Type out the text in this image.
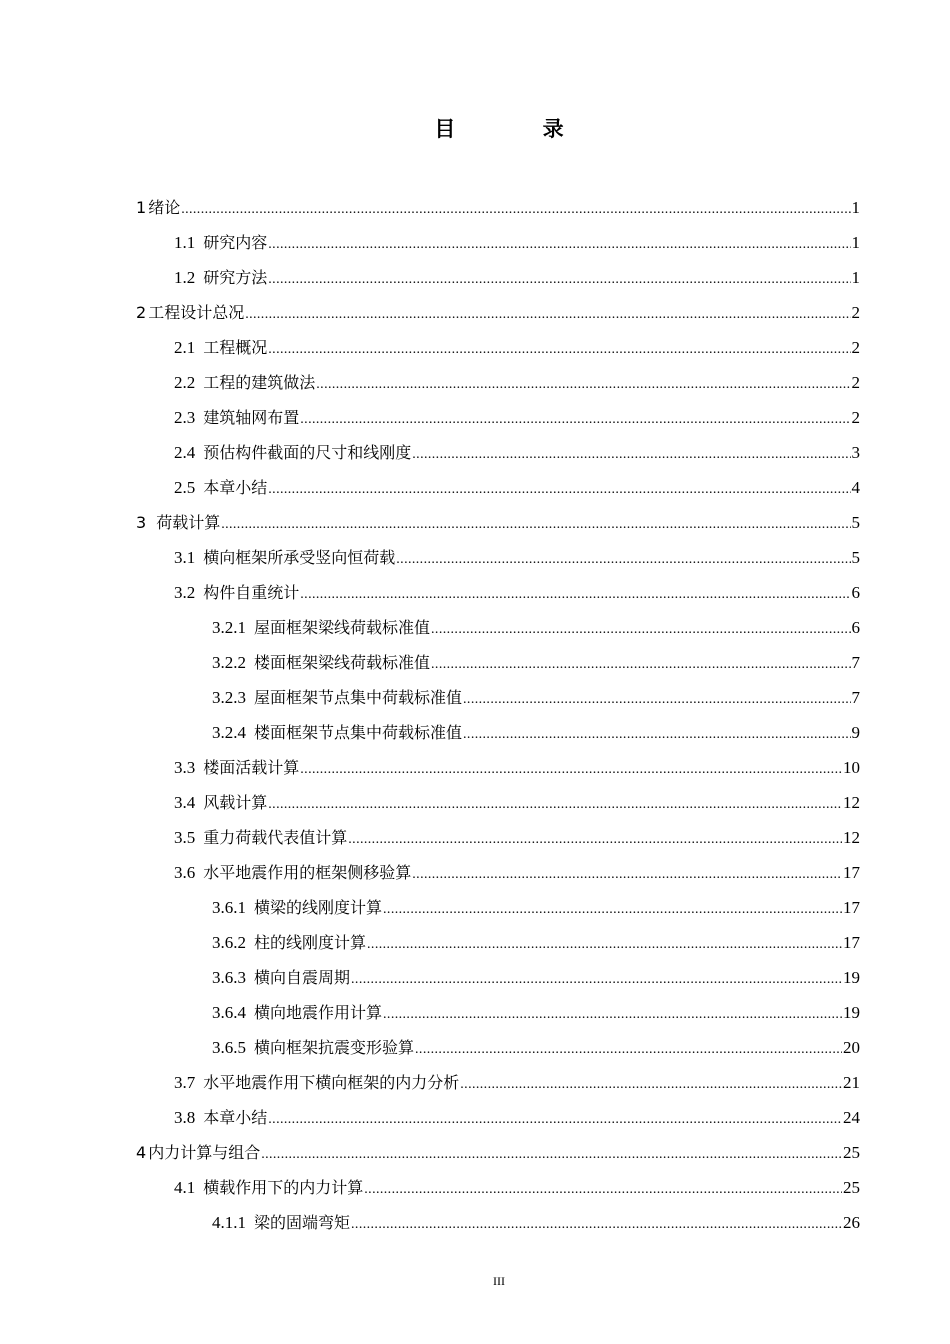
目 录
1 绪论 .....	1
1.1 研究内容 .....	1
1.2 研究方法 .....	1
2 工程设计总况 .....	2
2.1 工程概况 .....	2
2.2 工程的建筑做法 .....	2
2.3 建筑轴网布置 .....	2
2.4 预估构件截面的尺寸和线刚度 .....	3
2.5 本章小结 .....	4
3 荷载计算 .....	5
3.1 横向框架所承受竖向恒荷载 .....	5
3.2 构件自重统计 .....	6
3.2.1 屋面框架梁线荷载标准值 .....	6
3.2.2 楼面框架梁线荷载标准值 .....	7
3.2.3 屋面框架节点集中荷载标准值 .....	7
3.2.4 楼面框架节点集中荷载标准值 .....	9
3.3 楼面活载计算 .....	10
3.4 风载计算 .....	12
3.5 重力荷载代表值计算 .....	12
3.6 水平地震作用的框架侧移验算 .....	17
3.6.1 横梁的线刚度计算 .....	17
3.6.2 柱的线刚度计算 .....	17
3.6.3 横向自震周期 .....	19
3.6.4 横向地震作用计算 .....	19
3.6.5 横向框架抗震变形验算 .....	20
3.7 水平地震作用下横向框架的内力分析 .....	21
3.8 本章小结 .....	24
4 内力计算与组合 .....	25
4.1 横载作用下的内力计算 .....	25
4.1.1 梁的固端弯矩 .....	26
III
